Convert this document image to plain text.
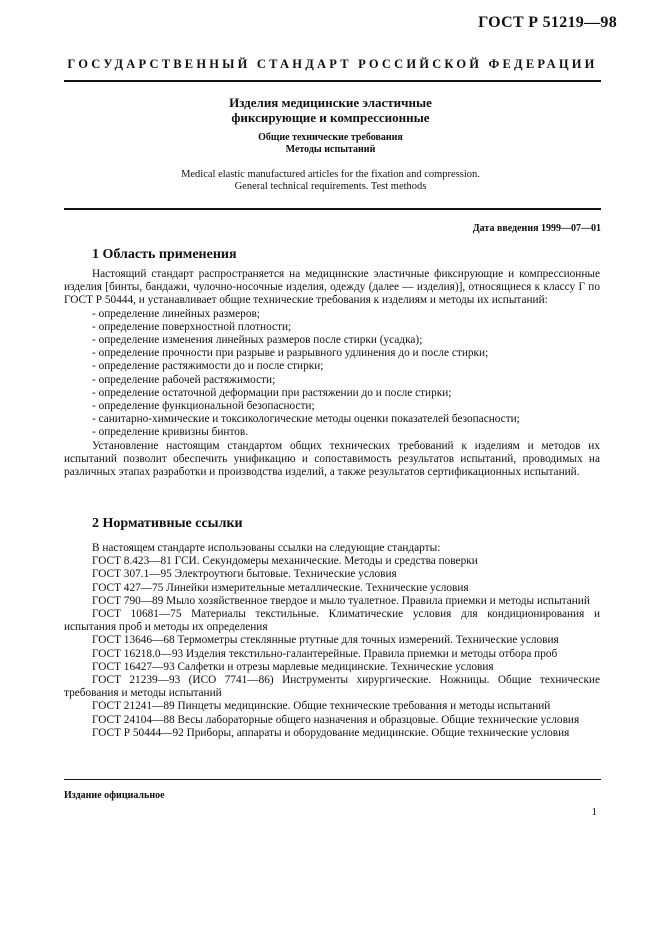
ГОСТ Р 51219—98
ГОСУДАРСТВЕННЫЙ СТАНДАРТ РОССИЙСКОЙ ФЕДЕРАЦИИ
Изделия медицинские эластичные
фиксирующие и компрессионные
Общие технические требования
Методы испытаний
Medical elastic manufactured articles for the fixation and compression.
General technical requirements. Test methods
Дата введения 1999—07—01
1 Область применения

Настоящий стандарт распространяется на медицинские эластичные фиксирующие и компрессионные изделия [бинты, бандажи, чулочно-носочные изделия, одежду (далее — изделия)], относящиеся к классу Г по ГОСТ Р 50444, и устанавливает общие технические требования к изделиям и методы их испытаний:

- определение линейных размеров;
- определение поверхностной плотности;
- определение изменения линейных размеров после стирки (усадка);
- определение прочности при разрыве и разрывного удлинения до и после стирки;
- определение растяжимости до и после стирки;
- определение рабочей растяжимости;
- определение остаточной деформации при растяжении до и после стирки;
- определение функциональной безопасности;
- санитарно-химические и токсикологические методы оценки показателей безопасности;
- определение кривизны бинтов.

Установление настоящим стандартом общих технических требований к изделиям и методов их испытаний позволит обеспечить унификацию и сопоставимость результатов испытаний, проводимых на различных этапах разработки и производства изделий, а также результатов сертификационных испытаний.

2 Нормативные ссылки

В настоящем стандарте использованы ссылки на следующие стандарты:

ГОСТ 8.423—81 ГСИ. Секундомеры механические. Методы и средства поверки

ГОСТ 307.1—95 Электроутюги бытовые. Технические условия

ГОСТ 427—75 Линейки измерительные металлические. Технические условия

ГОСТ 790—89 Мыло хозяйственное твердое и мыло туалетное. Правила приемки и методы испытаний

ГОСТ 10681—75 Материалы текстильные. Климатические условия для кондиционирования и испытания проб и методы их определения

ГОСТ 13646—68 Термометры стеклянные ртутные для точных измерений. Технические условия

ГОСТ 16218.0—93 Изделия текстильно-галантерейные. Правила приемки и методы отбора проб

ГОСТ 16427—93 Салфетки и отрезы марлевые медицинские. Технические условия

ГОСТ 21239—93 (ИСО 7741—86) Инструменты хирургические. Ножницы. Общие технические требования и методы испытаний

ГОСТ 21241—89 Пинцеты медицинские. Общие технические требования и методы испытаний

ГОСТ 24104—88 Весы лабораторные общего назначения и образцовые. Общие технические условия

ГОСТ Р 50444—92 Приборы, аппараты и оборудование медицинские. Общие технические условия

Издание официальное
1
